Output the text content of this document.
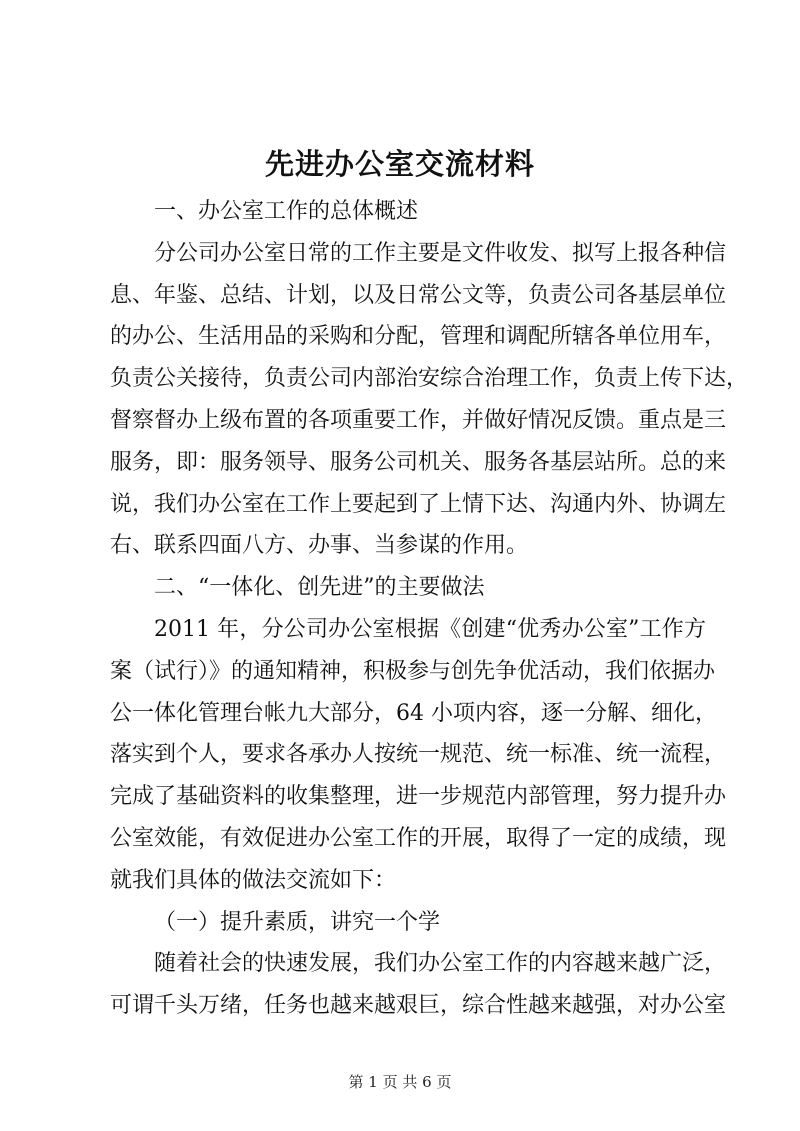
先进办公室交流材料
一、办公室工作的总体概述
分公司办公室日常的工作主要是文件收发、拟写上报各种信
息、年鉴、总结、计划，以及日常公文等，负责公司各基层单位
的办公、生活用品的采购和分配，管理和调配所辖各单位用车，
负责公关接待，负责公司内部治安综合治理工作，负责上传下达，
督察督办上级布置的各项重要工作，并做好情况反馈。重点是三
服务，即：服务领导、服务公司机关、服务各基层站所。总的来
说，我们办公室在工作上要起到了上情下达、沟通内外、协调左
右、联系四面八方、办事、当参谋的作用。
二、“一体化、创先进”的主要做法
2011 年，分公司办公室根据《创建“优秀办公室”工作方
案（试行）》的通知精神，积极参与创先争优活动，我们依据办
公一体化管理台帐九大部分，64 小项内容，逐一分解、细化，
落实到个人，要求各承办人按统一规范、统一标准、统一流程，
完成了基础资料的收集整理，进一步规范内部管理，努力提升办
公室效能，有效促进办公室工作的开展，取得了一定的成绩，现
就我们具体的做法交流如下：
（一）提升素质，讲究一个学
随着社会的快速发展，我们办公室工作的内容越来越广泛，
可谓千头万绪，任务也越来越艰巨，综合性越来越强，对办公室
第 1 页 共 6 页
